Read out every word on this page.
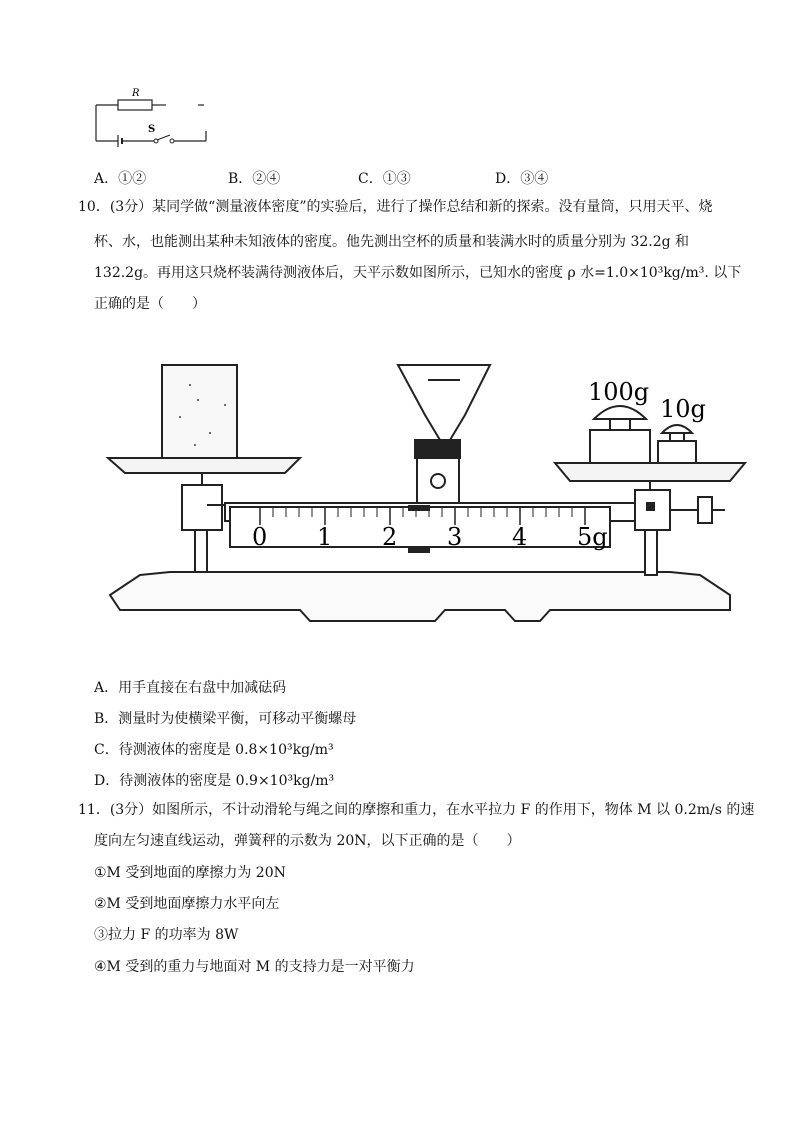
R
S
A．①②	B．②④	C．①③	D．③④
10．(3分）某同学做“测量液体密度”的实验后，进行了操作总结和新的探索。没有量筒，只用天平、烧
杯、水，也能测出某种未知液体的密度。他先测出空杯的质量和装满水时的质量分别为 32.2g 和
132.2g。再用这只烧杯装满待测液体后，天平示数如图所示，已知水的密度 ρ 水=1.0×10³kg/m³. 以下
正确的是（　　）
0 1 2 3 4 5g
100g
10g
A．用手直接在右盘中加减砝码
B．测量时为使横梁平衡，可移动平衡螺母
C．待测液体的密度是 0.8×10³kg/m³
D．待测液体的密度是 0.9×10³kg/m³
11．(3分）如图所示，不计动滑轮与绳之间的摩擦和重力，在水平拉力 F 的作用下，物体 M 以 0.2m/s 的速
度向左匀速直线运动，弹簧秤的示数为 20N，以下正确的是（　　）
①M 受到地面的摩擦力为 20N
②M 受到地面摩擦力水平向左
③拉力 F 的功率为 8W
④M 受到的重力与地面对 M 的支持力是一对平衡力
